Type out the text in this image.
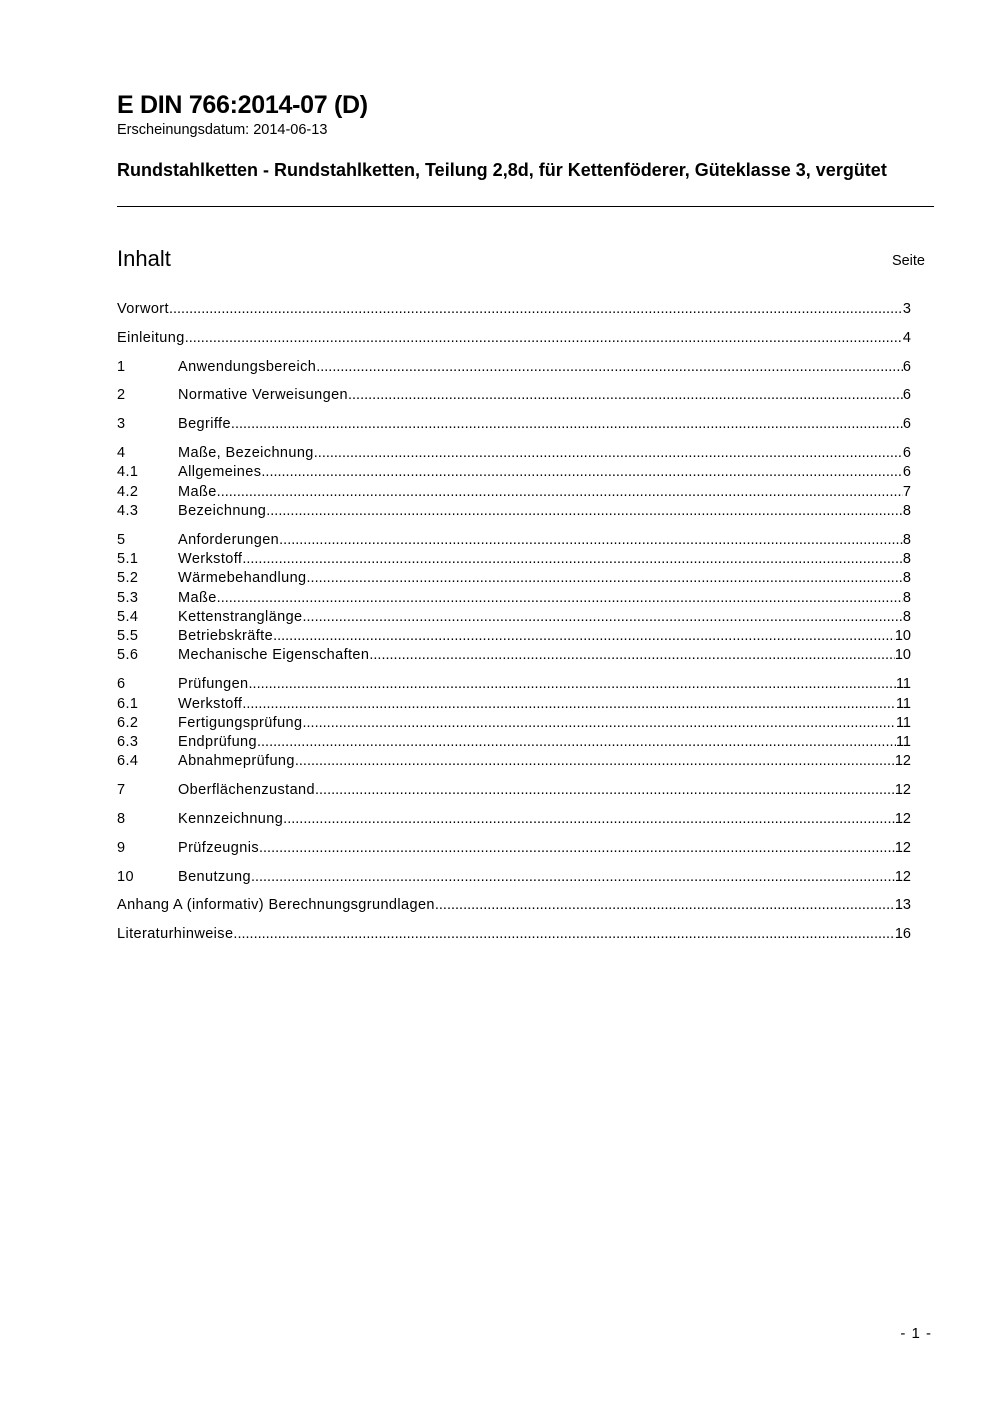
E DIN 766:2014-07 (D)
Erscheinungsdatum: 2014-06-13
Rundstahlketten - Rundstahlketten, Teilung 2,8d, für Kettenföderer, Güteklasse 3, vergütet
Inhalt	Seite
Vorwort .....	3
Einleitung .....	4
1	Anwendungsbereich .....	6
2	Normative Verweisungen .....	6
3	Begriffe .....	6
4	Maße, Bezeichnung .....	6
4.1	Allgemeines .....	6
4.2	Maße .....	7
4.3	Bezeichnung .....	8
5	Anforderungen .....	8
5.1	Werkstoff .....	8
5.2	Wärmebehandlung .....	8
5.3	Maße .....	8
5.4	Kettenstranglänge .....	8
5.5	Betriebskräfte .....	10
5.6	Mechanische Eigenschaften .....	10
6	Prüfungen .....	11
6.1	Werkstoff .....	11
6.2	Fertigungsprüfung .....	11
6.3	Endprüfung .....	11
6.4	Abnahmeprüfung .....	12
7	Oberflächenzustand .....	12
8	Kennzeichnung .....	12
9	Prüfzeugnis .....	12
10	Benutzung .....	12
Anhang A (informativ) Berechnungsgrundlagen .....	13
Literaturhinweise .....	16
- 1 -
